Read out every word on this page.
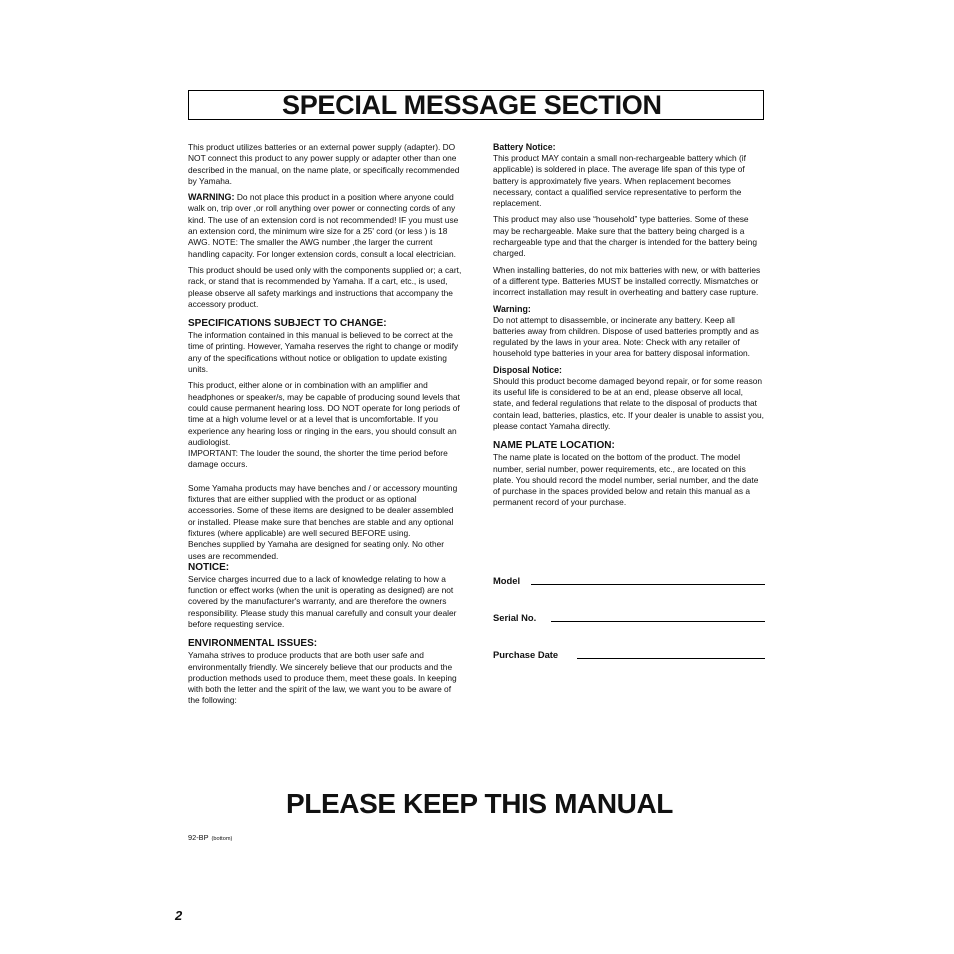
SPECIAL MESSAGE SECTION

This product utilizes batteries or an external power supply (adapter). DO NOT connect this product to any power supply or adapter other than one described in the manual, on the name plate, or specifically recommended by Yamaha.

WARNING: Do not place this product in a position where anyone could walk on, trip over ,or roll anything over power or connecting cords of any kind. The use of an extension cord is not recommended! IF you must use an extension cord, the minimum wire size for a 25' cord (or less ) is 18 AWG. NOTE: The smaller the AWG number ,the larger the current handling capacity. For longer extension cords, consult a local electrician.

This product should be used only with the components supplied or; a cart, rack, or stand that is recommended by Yamaha. If a cart, etc., is used, please observe all safety markings and instructions that accompany the accessory product.

SPECIFICATIONS SUBJECT TO CHANGE:

The information contained in this manual is believed to be correct at the time of printing. However, Yamaha reserves the right to change or modify any of the specifications without notice or obligation to update existing units.

This product, either alone or in combination with an amplifier and headphones or speaker/s, may be capable of producing sound levels that could cause permanent hearing loss. DO NOT operate for long periods of time at a high volume level or at a level that is uncomfortable. If you experience any hearing loss or ringing in the ears, you should consult an audiologist.

IMPORTANT: The louder the sound, the shorter the time period before damage occurs.

Some Yamaha products may have benches and / or accessory mounting fixtures that are either supplied with the product or as optional accessories. Some of these items are designed to be dealer assembled or installed. Please make sure that benches are stable and any optional fixtures (where applicable) are well secured BEFORE using.

Benches supplied by Yamaha are designed for seating only. No other uses are recommended.

NOTICE:

Service charges incurred due to a lack of knowledge relating to how a function or effect works (when the unit is operating as designed) are not covered by the manufacturer's warranty, and are therefore the owners responsibility. Please study this manual carefully and consult your dealer before requesting service.

ENVIRONMENTAL ISSUES:

Yamaha strives to produce products that are both user safe and environmentally friendly. We sincerely believe that our products and the production methods used to produce them, meet these goals. In keeping with both the letter and the spirit of the law, we want you to be aware of the following:

Battery Notice:

This product MAY contain a small non-rechargeable battery which (if applicable) is soldered in place. The average life span of this type of battery is approximately five years. When replacement becomes necessary, contact a qualified service representative to perform the replacement.

This product may also use “household” type batteries. Some of these may be rechargeable. Make sure that the battery being charged is a rechargeable type and that the charger is intended for the battery being charged.

When installing batteries, do not mix batteries with new, or with batteries of a different type. Batteries MUST be installed correctly. Mismatches or incorrect installation may result in overheating and battery case rupture.

Warning:

Do not attempt to disassemble, or incinerate any battery. Keep all batteries away from children. Dispose of used batteries promptly and as regulated by the laws in your area. Note: Check with any retailer of household type batteries in your area for battery disposal information.

Disposal Notice:

Should this product become damaged beyond repair, or for some reason its useful life is considered to be at an end, please observe all local, state, and federal regulations that relate to the disposal of products that contain lead, batteries, plastics, etc. If your dealer is unable to assist you, please contact Yamaha directly.

NAME PLATE LOCATION:

The name plate is located on the bottom of the product. The model number, serial number, power requirements, etc., are located on this plate. You should record the model number, serial number, and the date of purchase in the spaces provided below and retain this manual as a permanent record of your purchase.

Model
Serial No.
Purchase Date
PLEASE KEEP THIS MANUAL
92-BP (bottom)
2
